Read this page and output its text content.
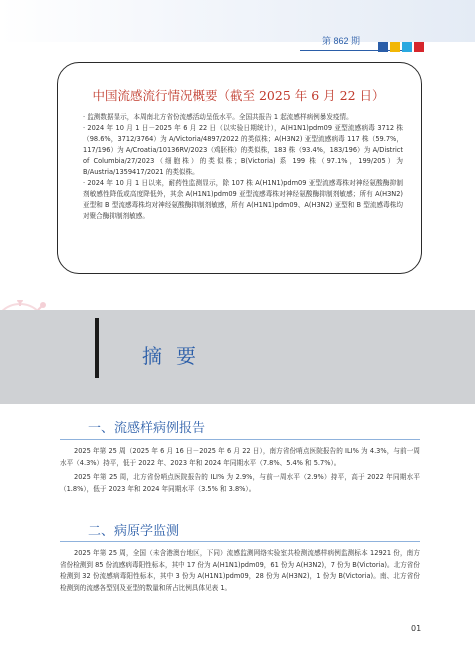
第 862 期
中国流感流行情况概要（截至 2025 年 6 月 22 日）

· 监测数据显示，本周南北方省份流感活动呈低水平。全国共报告 1 起流感样病例暴发疫情。

· 2024 年 10 月 1 日－2025 年 6 月 22 日（以实验日期统计），A(H1N1)pdm09 亚型流感病毒 3712 株（98.6%，3712/3764）为 A/Victoria/4897/2022 的类似株；A(H3N2) 亚型流感病毒 117 株（59.7%，117/196）为 A/Croatia/10136RV/2023（鸡胚株）的类似株，183 株（93.4%，183/196）为 A/District of Columbia/27/2023（细胞株）的类似株；B(Victoria) 系 199 株（97.1%，199/205）为 B/Austria/1359417/2021 的类似株。

· 2024 年 10 月 1 日以来，耐药性监测显示，除 107 株 A(H1N1)pdm09 亚型流感毒株对神经氨酸酶抑制剂敏感性降低或高度降低外，其余 A(H1N1)pdm09 亚型流感毒株对神经氨酸酶抑制剂敏感；所有 A(H3N2) 亚型和 B 型流感毒株均对神经氨酸酶抑制剂敏感，所有 A(H1N1)pdm09、A(H3N2) 亚型和 B 型流感毒株均对聚合酶抑制剂敏感。

摘要
一、流感样病例报告
2025 年第 25 周（2025 年 6 月 16 日－2025 年 6 月 22 日），南方省份哨点医院报告的 ILI% 为 4.3%，与前一周水平（4.3%）持平，低于 2022 年、2023 年和 2024 年同期水平（7.8%、5.4% 和 5.7%）。
2025 年第 25 周，北方省份哨点医院报告的 ILI% 为 2.9%，与前一周水平（2.9%）持平，高于 2022 年同期水平（1.8%），低于 2023 年和 2024 年同期水平（3.5% 和 3.8%）。
二、病原学监测
2025 年第 25 周，全国（未含港澳台地区，下同）流感监测网络实验室共检测流感样病例监测标本 12921 份，南方省份检测到 85 份流感病毒阳性标本，其中 17 份为 A(H1N1)pdm09，61 份为 A(H3N2)，7 份为 B(Victoria)。北方省份检测到 32 份流感病毒阳性标本，其中 3 份为 A(H1N1)pdm09，28 份为 A(H3N2)，1 份为 B(Victoria)。南、北方省份检测到的流感各型别及亚型的数量和所占比例具体见表 1。
01
